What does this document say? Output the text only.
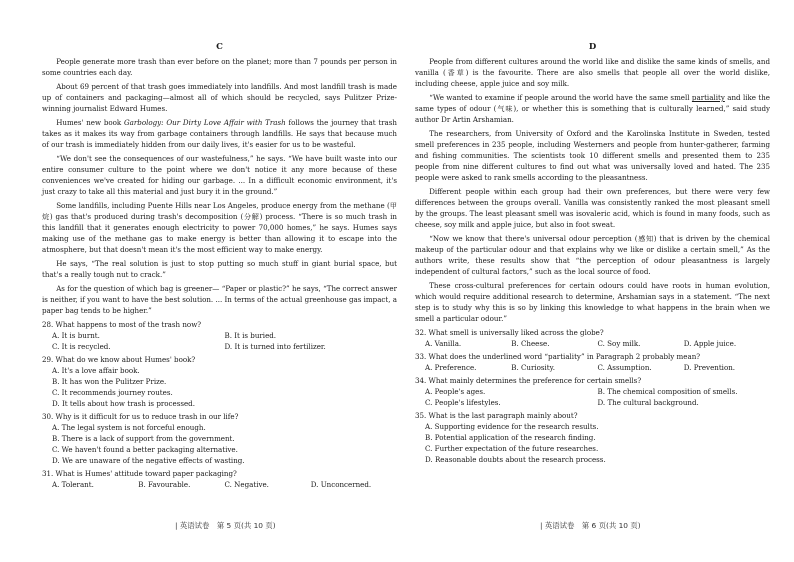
C

People generate more trash than ever before on the planet; more than 7 pounds per person in some countries each day.

About 69 percent of that trash goes immediately into landfills. And most landfill trash is made up of containers and packaging—almost all of which should be recycled, says Pulitzer Prize-winning journalist Edward Humes.

Humes' new book Garbology: Our Dirty Love Affair with Trash follows the journey that trash takes as it makes its way from garbage containers through landfills. He says that because much of our trash is immediately hidden from our daily lives, it's easier for us to be wasteful.

“We don't see the consequences of our wastefulness,” he says. “We have built waste into our entire consumer culture to the point where we don't notice it any more because of these conveniences we've created for hiding our garbage. ... In a difficult economic environment, it's just crazy to take all this material and just bury it in the ground.”

Some landfills, including Puente Hills near Los Angeles, produce energy from the methane (甲烷) gas that's produced during trash's decomposition (分解) process. “There is so much trash in this landfill that it generates enough electricity to power 70,000 homes,” he says. Humes says making use of the methane gas to make energy is better than allowing it to escape into the atmosphere, but that doesn't mean it's the most efficient way to make energy.

He says, “The real solution is just to stop putting so much stuff in giant burial space, but that's a really tough nut to crack.”

As for the question of which bag is greener— “Paper or plastic?” he says, “The correct answer is neither, if you want to have the best solution. ... In terms of the actual greenhouse gas impact, a paper bag tends to be higher.”

28. What happens to most of the trash now?
A. It is burnt.	B. It is buried.
C. It is recycled.	D. It is turned into fertilizer.
29. What do we know about Humes' book?
A. It's a love affair book.
B. It has won the Pulitzer Prize.
C. It recommends journey routes.
D. It tells about how trash is processed.
30. Why is it difficult for us to reduce trash in our life?
A. The legal system is not forceful enough.
B. There is a lack of support from the government.
C. We haven't found a better packaging alternative.
D. We are unaware of the negative effects of wasting.
31. What is Humes' attitude toward paper packaging?
A. Tolerant.	B. Favourable.	C. Negative.	D. Unconcerned.
D

People from different cultures around the world like and dislike the same kinds of smells, and vanilla (香草) is the favourite. There are also smells that people all over the world dislike, including cheese, apple juice and soy milk.

“We wanted to examine if people around the world have the same smell partiality and like the same types of odour (气味), or whether this is something that is culturally learned,” said study author Dr Artin Arshamian.

The researchers, from University of Oxford and the Karolinska Institute in Sweden, tested smell preferences in 235 people, including Westerners and people from hunter-gatherer, farming and fishing communities. The scientists took 10 different smells and presented them to 235 people from nine different cultures to find out what was universally loved and hated. The 235 people were asked to rank smells according to the pleasantness.

Different people within each group had their own preferences, but there were very few differences between the groups overall. Vanilla was consistently ranked the most pleasant smell by the groups. The least pleasant smell was isovaleric acid, which is found in many foods, such as cheese, soy milk and apple juice, but also in foot sweat.

“Now we know that there's universal odour perception (感知) that is driven by the chemical makeup of the particular odour and that explains why we like or dislike a certain smell,” As the authors write, these results show that “the perception of odour pleasantness is largely independent of cultural factors,” such as the local source of food.

These cross-cultural preferences for certain odours could have roots in human evolution, which would require additional research to determine, Arshamian says in a statement. “The next step is to study why this is so by linking this knowledge to what happens in the brain when we smell a particular odour.”

32. What smell is universally liked across the globe?
A. Vanilla.	B. Cheese.	C. Soy milk.	D. Apple juice.
33. What does the underlined word “partiality” in Paragraph 2 probably mean?
A. Preference.	B. Curiosity.	C. Assumption.	D. Prevention.
34. What mainly determines the preference for certain smells?
A. People's ages.	B. The chemical composition of smells.
C. People's lifestyles.	D. The cultural background.
35. What is the last paragraph mainly about?
A. Supporting evidence for the research results.
B. Potential application of the research finding.
C. Further expectation of the future researches.
D. Reasonable doubts about the research process.
| 英语试卷　第 5 页(共 10 页)	| 英语试卷　第 6 页(共 10 页)
